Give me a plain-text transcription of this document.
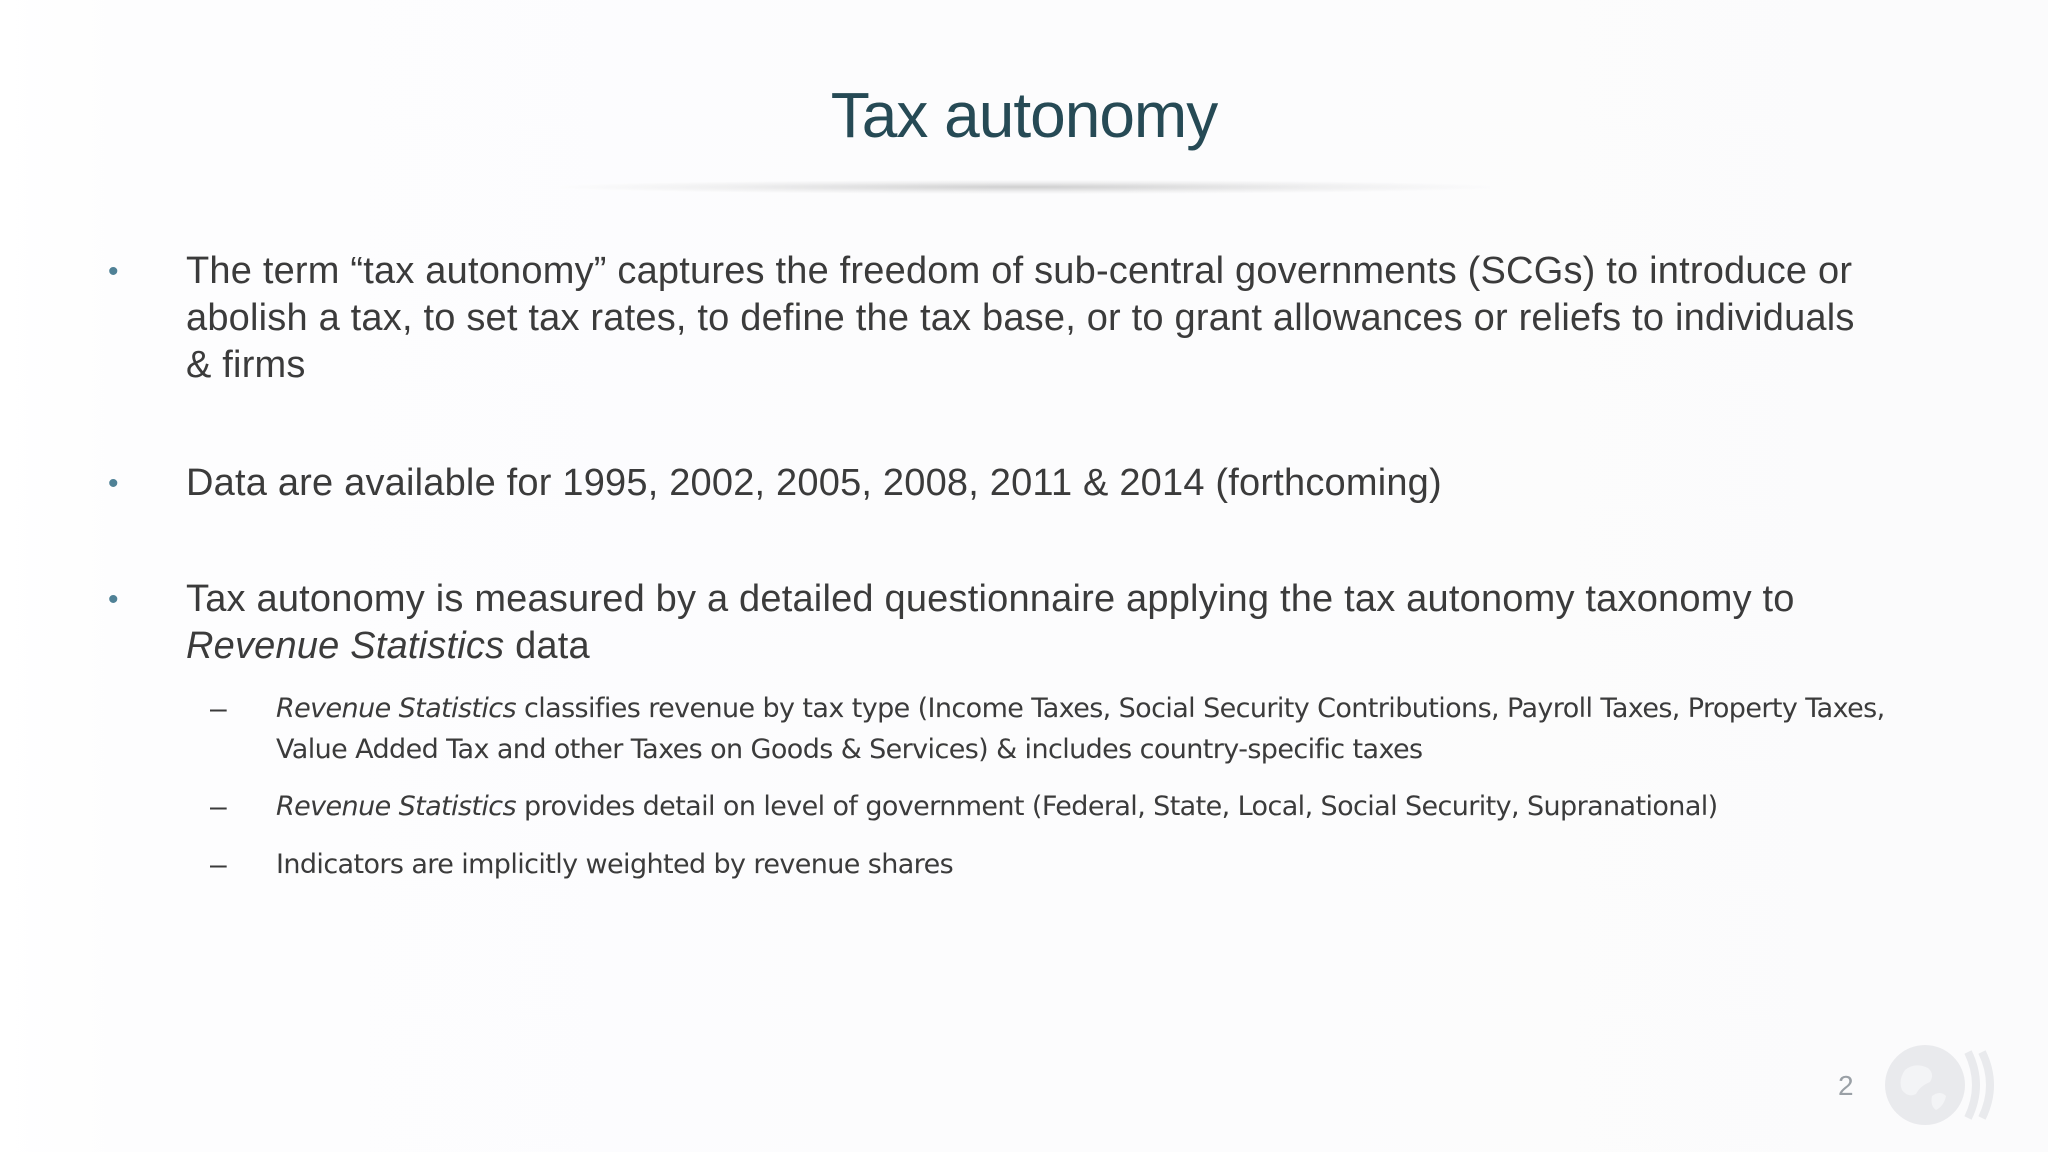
Tax autonomy
• The term “tax autonomy” captures the freedom of sub-central governments (SCGs) to introduce or abolish a tax, to set tax rates, to define the tax base, or to grant allowances or reliefs to individuals & firms
• Data are available for 1995, 2002, 2005, 2008, 2011 & 2014 (forthcoming)
• Tax autonomy is measured by a detailed questionnaire applying the tax autonomy taxonomy to Revenue Statistics data
– Revenue Statistics classifies revenue by tax type (Income Taxes, Social Security Contributions, Payroll Taxes, Property Taxes, Value Added Tax and other Taxes on Goods & Services) & includes country-specific taxes
– Revenue Statistics provides detail on level of government (Federal, State, Local, Social Security, Supranational)
– Indicators are implicitly weighted by revenue shares
2
